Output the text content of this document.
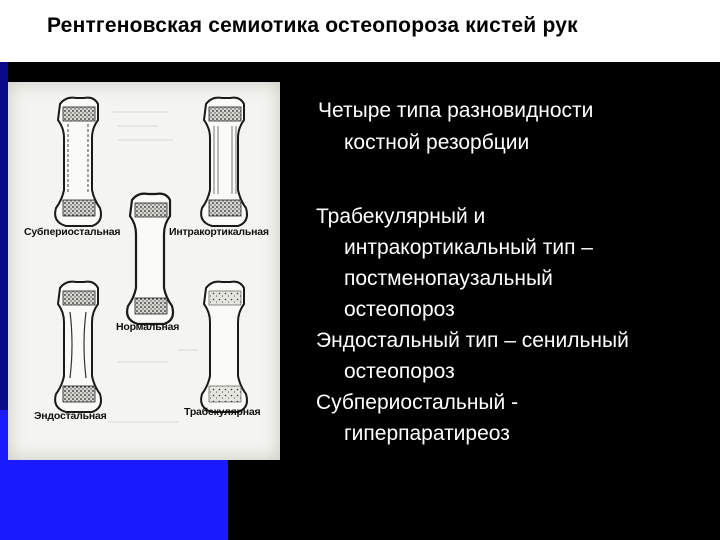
Рентгеновская семиотика остеопороза кистей рук
Субпериостальная	Интракортикальная
Нормальная
Эндостальная	Трабекулярная
Четыре типа разновидности
костной резорбции
Трабекулярный и
интракортикальный тип –
постменопаузальный
остеопороз
Эндостальный тип – сенильный
остеопороз
Субпериостальный -
гиперпаратиреоз
